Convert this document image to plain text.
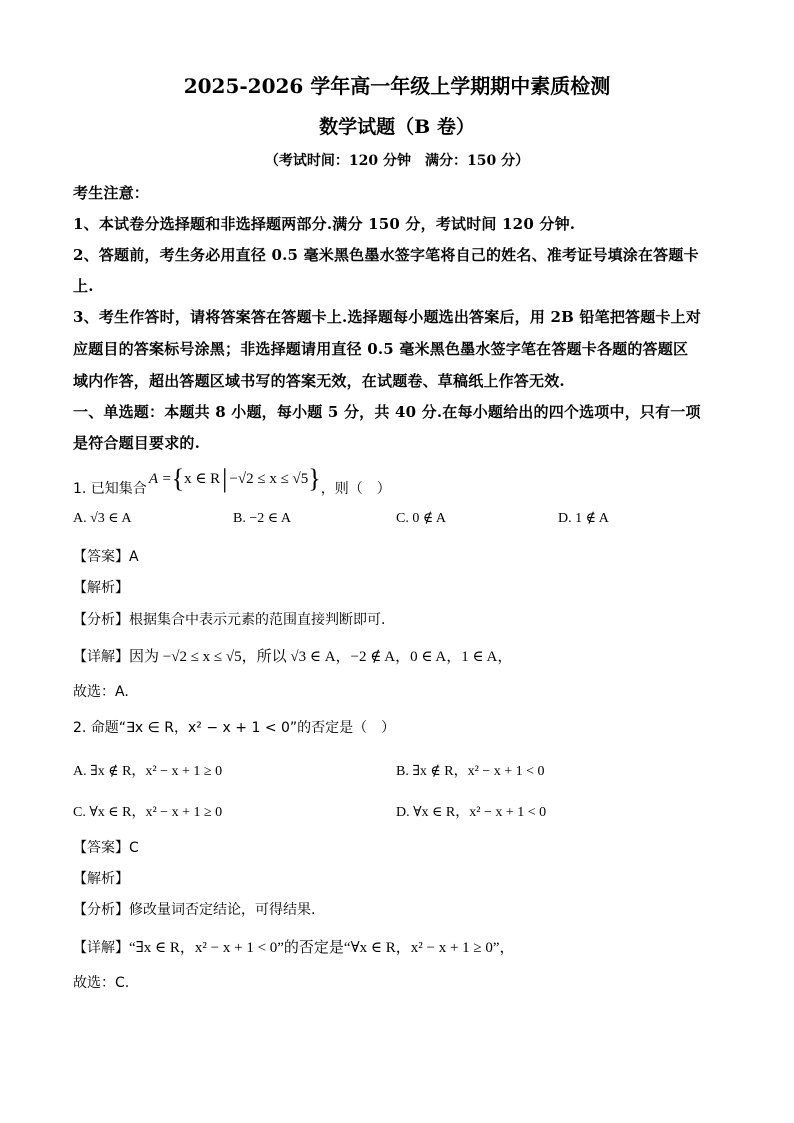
2025-2026 学年高一年级上学期期中素质检测
数学试题（B 卷）
（考试时间：120 分钟　满分：150 分）
考生注意：
1、本试卷分选择题和非选择题两部分.满分 150 分，考试时间 120 分钟.
2、答题前，考生务必用直径 0.5 毫米黑色墨水签字笔将自己的姓名、准考证号填涂在答题卡
上.
3、考生作答时，请将答案答在答题卡上.选择题每小题选出答案后，用 2B 铅笔把答题卡上对
应题目的答案标号涂黑；非选择题请用直径 0.5 毫米黑色墨水签字笔在答题卡各题的答题区
域内作答，超出答题区域书写的答案无效，在试题卷、草稿纸上作答无效.
一、单选题：本题共 8 小题，每小题 5 分，共 40 分.在每小题给出的四个选项中，只有一项
是符合题目要求的.
1. 已知集合A ={x ∈ R| −√2 ≤ x ≤ √5}，则（　）
A. √3 ∈ A	B. −2 ∈ A	C. 0 ∉ A	D. 1 ∉ A
【答案】A
【解析】
【分析】根据集合中表示元素的范围直接判断即可.
【详解】因为 −√2 ≤ x ≤ √5，所以 √3 ∈ A，−2 ∉ A，0 ∈ A，1 ∈ A，
故选：A.
2. 命题“∃x ∈ R，x² − x + 1 < 0”的否定是（　）
A. ∃x ∉ R，x² − x + 1 ≥ 0	B. ∃x ∉ R，x² − x + 1 < 0
C. ∀x ∈ R，x² − x + 1 ≥ 0	D. ∀x ∈ R，x² − x + 1 < 0
【答案】C
【解析】
【分析】修改量词否定结论，可得结果.
【详解】“∃x ∈ R，x² − x + 1 < 0”的否定是“∀x ∈ R，x² − x + 1 ≥ 0”，
故选：C.
